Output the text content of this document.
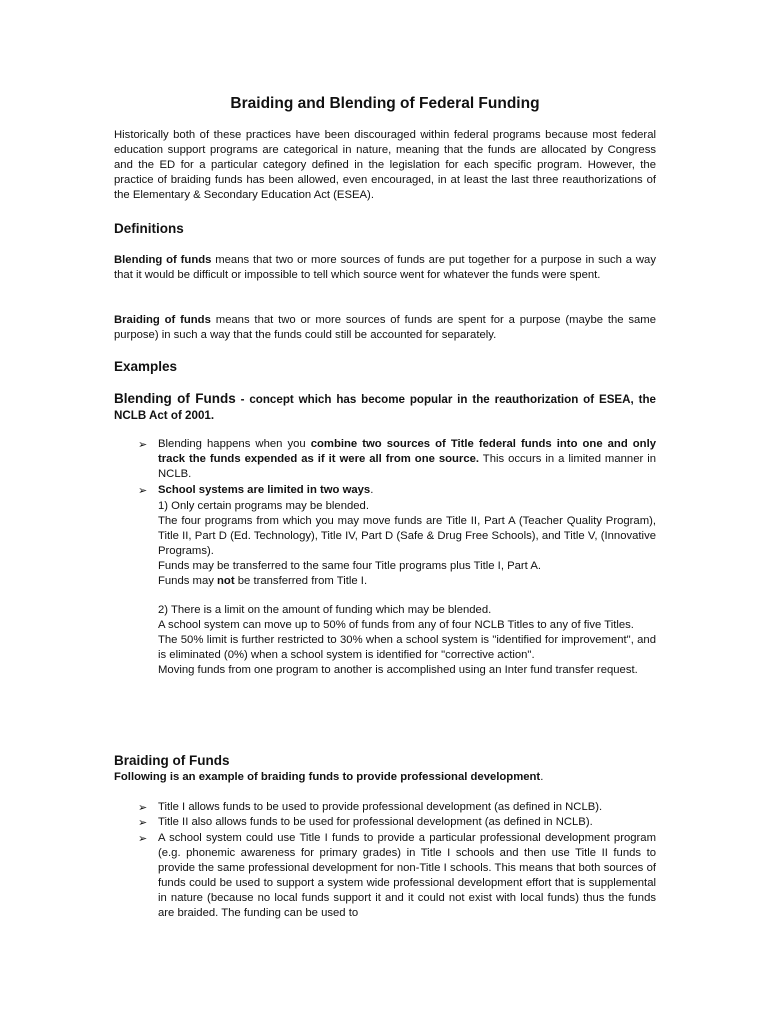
Braiding and Blending of Federal Funding
Historically both of these practices have been discouraged within federal programs because most federal education support programs are categorical in nature, meaning that the funds are allocated by Congress and the ED for a particular category defined in the legislation for each specific program. However, the practice of braiding funds has been allowed, even encouraged, in at least the last three reauthorizations of the Elementary & Secondary Education Act (ESEA).
Definitions
Blending of funds means that two or more sources of funds are put together for a purpose in such a way that it would be difficult or impossible to tell which source went for whatever the funds were spent.
Braiding of funds means that two or more sources of funds are spent for a purpose (maybe the same purpose) in such a way that the funds could still be accounted for separately.
Examples
Blending of Funds - concept which has become popular in the reauthorization of ESEA, the NCLB Act of 2001.
➢ Blending happens when you combine two sources of Title federal funds into one and only track the funds expended as if it were all from one source. This occurs in a limited manner in NCLB.
➢ School systems are limited in two ways.
1) Only certain programs may be blended.
The four programs from which you may move funds are Title II, Part A (Teacher Quality Program), Title II, Part D (Ed. Technology), Title IV, Part D (Safe & Drug Free Schools), and Title V, (Innovative Programs).
Funds may be transferred to the same four Title programs plus Title I, Part A.
Funds may not be transferred from Title I.
2) There is a limit on the amount of funding which may be blended.
A school system can move up to 50% of funds from any of four NCLB Titles to any of five Titles.
The 50% limit is further restricted to 30% when a school system is "identified for improvement", and is eliminated (0%) when a school system is identified for "corrective action".
Moving funds from one program to another is accomplished using an Inter fund transfer request.
Braiding of Funds
Following is an example of braiding funds to provide professional development.
➢ Title I allows funds to be used to provide professional development (as defined in NCLB).
➢ Title II also allows funds to be used for professional development (as defined in NCLB).
➢ A school system could use Title I funds to provide a particular professional development program (e.g. phonemic awareness for primary grades) in Title I schools and then use Title II funds to provide the same professional development for non-Title I schools. This means that both sources of funds could be used to support a system wide professional development effort that is supplemental in nature (because no local funds support it and it could not exist with local funds) thus the funds are braided. The funding can be used to
